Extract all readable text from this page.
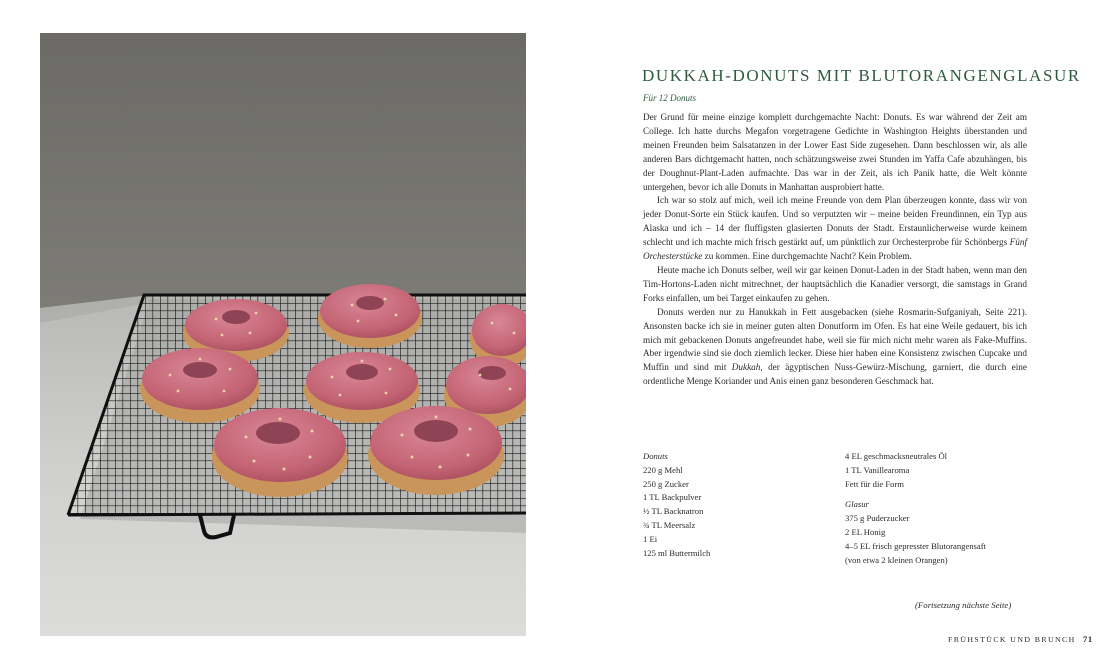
DUKKAH-DONUTS MIT BLUTORANGENGLASUR
Für 12 Donuts

Der Grund für meine einzige komplett durchgemachte Nacht: Donuts. Es war während der Zeit am College. Ich hatte durchs Megafon vorgetragene Gedichte in Washington Heights überstanden und meinen Freunden beim Salsatanzen in der Lower East Side zugesehen. Dann beschlossen wir, als alle anderen Bars dichtgemacht hatten, noch schätzungsweise zwei Stunden im Yaffa Cafe abzuhängen, bis der Doughnut-Plant-Laden aufmachte. Das war in der Zeit, als ich Panik hatte, die Welt könnte untergehen, bevor ich alle Donuts in Manhattan ausprobiert hatte.

Ich war so stolz auf mich, weil ich meine Freunde von dem Plan überzeugen konnte, dass wir von jeder Donut-Sorte ein Stück kaufen. Und so verputzten wir – meine beiden Freundinnen, ein Typ aus Alaska und ich – 14 der fluffigsten glasierten Donuts der Stadt. Erstaunlicherweise wurde keinem schlecht und ich machte mich frisch gestärkt auf, um pünktlich zur Orchesterprobe für Schönbergs Fünf Orchesterstücke zu kommen. Eine durchgemachte Nacht? Kein Problem.

Heute mache ich Donuts selber, weil wir gar keinen Donut-Laden in der Stadt haben, wenn man den Tim-Hortons-Laden nicht mitrechnet, der hauptsächlich die Kanadier versorgt, die samstags in Grand Forks einfallen, um bei Target einkaufen zu gehen.

Donuts werden nur zu Hanukkah in Fett ausgebacken (siehe Rosmarin-Sufganiyah, Seite 221). Ansonsten backe ich sie in meiner guten alten Donutform im Ofen. Es hat eine Weile gedauert, bis ich mich mit gebackenen Donuts angefreundet habe, weil sie für mich nicht mehr waren als Fake-Muffins. Aber irgendwie sind sie doch ziemlich lecker. Diese hier haben eine Konsistenz zwischen Cupcake und Muffin und sind mit Dukkah, der ägyptischen Nuss-Gewürz-Mischung, garniert, die durch eine ordentliche Menge Koriander und Anis einen ganz besonderen Geschmack hat.

Donuts
220 g Mehl
250 g Zucker
1 TL Backpulver
½ TL Backnatron
¾ TL Meersalz
1 Ei
125 ml Buttermilch
4 EL geschmacksneutrales Öl
1 TL Vanillearoma
Fett für die Form
Glasur
375 g Puderzucker
2 EL Honig
4–5 EL frisch gepresster Blutorangensaft
(von etwa 2 kleinen Orangen)
(Fortsetzung nächste Seite)
FRÜHSTÜCK UND BRUNCH 71
